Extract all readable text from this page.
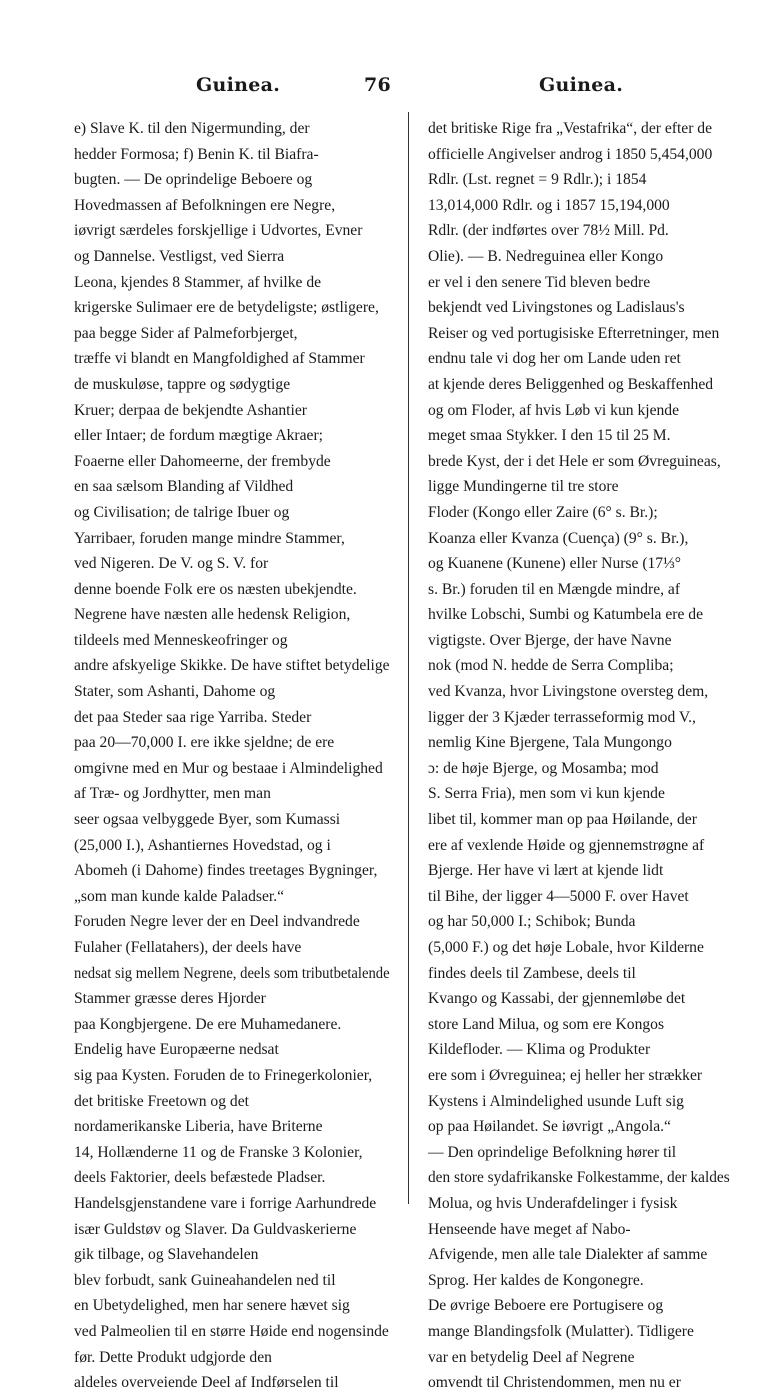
Guinea.	76	Guinea.
e) Slave K. til den Nigermunding, der
hedder Formosa; f) Benin K. til Biafra-
bugten. — De oprindelige Beboere og
Hovedmassen af Befolkningen ere Negre,
iøvrigt særdeles forskjellige i Udvortes, Evner
og Dannelse. Vestligst, ved Sierra
Leona, kjendes 8 Stammer, af hvilke de
krigerske Sulimaer ere de betydeligste; østligere,
paa begge Sider af Palmeforbjerget,
træffe vi blandt en Mangfoldighed af Stammer
de muskuløse, tappre og sødygtige
Kruer; derpaa de bekjendte Ashantier
eller Intaer; de fordum mægtige Akraer;
Foaerne eller Dahomeerne, der frembyde
en saa sælsom Blanding af Vildhed
og Civilisation; de talrige Ibuer og
Yarribaer, foruden mange mindre Stammer,
ved Nigeren. De V. og S. V. for
denne boende Folk ere os næsten ubekjendte.
Negrene have næsten alle hedensk Religion,
tildeels med Menneskeofringer og
andre afskyelige Skikke. De have stiftet betydelige
Stater, som Ashanti, Dahome og
det paa Steder saa rige Yarriba. Steder
paa 20—70,000 I. ere ikke sjeldne; de ere
omgivne med en Mur og bestaae i Almindelighed
af Træ- og Jordhytter, men man
seer ogsaa velbyggede Byer, som Kumassi
(25,000 I.), Ashantiernes Hovedstad, og i
Abomeh (i Dahome) findes treetages Bygninger,
„som man kunde kalde Paladser.“
Foruden Negre lever der en Deel indvandrede
Fulaher (Fellatahers), der deels have
nedsat sig mellem Negrene, deels som tributbetalende
Stammer græsse deres Hjorder
paa Kongbjergene. De ere Muhamedanere.
Endelig have Europæerne nedsat
sig paa Kysten. Foruden de to Frinegerkolonier,
det britiske Freetown og det
nordamerikanske Liberia, have Briterne
14, Hollænderne 11 og de Franske 3 Kolonier,
deels Faktorier, deels befæstede Pladser.
Handelsgjenstandene vare i forrige Aarhundrede
især Guldstøv og Slaver. Da Guldvaskerierne
gik tilbage, og Slavehandelen
blev forbudt, sank Guineahandelen ned til
en Ubetydelighed, men har senere hævet sig
ved Palmeolien til en større Høide end nogensinde
før. Dette Produkt udgjorde den
aldeles overveiende Deel af Indførselen til
det britiske Rige fra „Vestafrika“, der efter de
officielle Angivelser androg i 1850 5,454,000
Rdlr. (Lst. regnet = 9 Rdlr.); i 1854
13,014,000 Rdlr. og i 1857 15,194,000
Rdlr. (der indførtes over 78½ Mill. Pd.
Olie). — B. Nedreguinea eller Kongo
er vel i den senere Tid bleven bedre
bekjendt ved Livingstones og Ladislaus's
Reiser og ved portugisiske Efterretninger, men
endnu tale vi dog her om Lande uden ret
at kjende deres Beliggenhed og Beskaffenhed
og om Floder, af hvis Løb vi kun kjende
meget smaa Stykker. I den 15 til 25 M.
brede Kyst, der i det Hele er som Øvreguineas,
ligge Mundingerne til tre store
Floder (Kongo eller Zaire (6° s. Br.);
Koanza eller Kvanza (Cuença) (9° s. Br.),
og Kuanene (Kunene) eller Nurse (17⅓°
s. Br.) foruden til en Mængde mindre, af
hvilke Lobschi, Sumbi og Katumbela ere de
vigtigste. Over Bjerge, der have Navne
nok (mod N. hedde de Serra Compliba;
ved Kvanza, hvor Livingstone oversteg dem,
ligger der 3 Kjæder terrasseformig mod V.,
nemlig Kine Bjergene, Tala Mungongo
ɔ: de høje Bjerge, og Mosamba; mod
S. Serra Fria), men som vi kun kjende
libet til, kommer man op paa Høilande, der
ere af vexlende Høide og gjennemstrøgne af
Bjerge. Her have vi lært at kjende lidt
til Bihe, der ligger 4—5000 F. over Havet
og har 50,000 I.; Schibok; Bunda
(5,000 F.) og det høje Lobale, hvor Kilderne
findes deels til Zambese, deels til
Kvango og Kassabi, der gjennemløbe det
store Land Milua, og som ere Kongos
Kildefloder. — Klima og Produkter
ere som i Øvreguinea; ej heller her strækker
Kystens i Almindelighed usunde Luft sig
op paa Høilandet. Se iøvrigt „Angola.“
— Den oprindelige Befolkning hører til
den store sydafrikanske Folkestamme, der kaldes
Molua, og hvis Underafdelinger i fysisk
Henseende have meget af Nabo-
Afvigende, men alle tale Dialekter af samme
Sprog. Her kaldes de Kongonegre.
De øvrige Beboere ere Portugisere og
mange Blandingsfolk (Mulatter). Tidligere
var en betydelig Deel af Negrene
omvendt til Christendommen, men nu er
